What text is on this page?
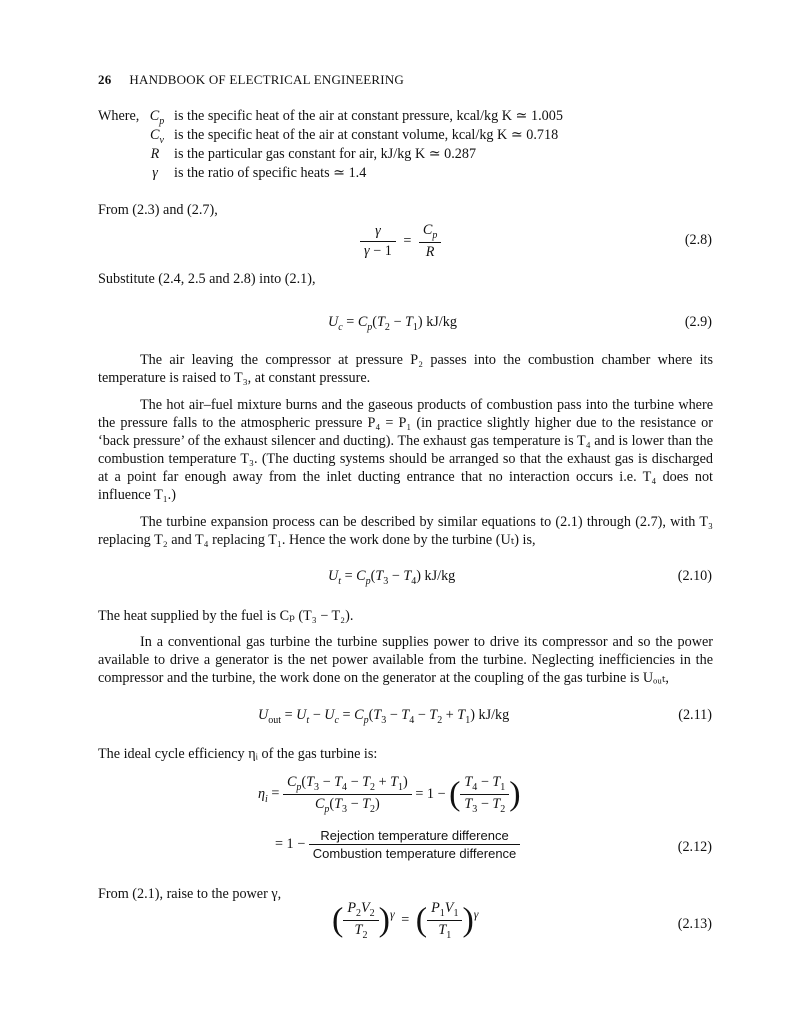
26 HANDBOOK OF ELECTRICAL ENGINEERING
Where, $C_p$ is the specific heat of the air at constant pressure, kcal/kg K ≃ 1.005
$C_v$ is the specific heat of the air at constant volume, kcal/kg K ≃ 0.718
R	is the particular gas constant for air, kJ/kg K ≃ 0.287
γ	is the ratio of specific heats ≃ 1.4
From (2.3) and (2.7),
$\frac{\gamma}{\gamma - 1} = \frac{C_p}{R}$	(2.8)
Substitute (2.4, 2.5 and 2.8) into (2.1),
$U_c = C_p(T_2 - T_1)$ kJ/kg	(2.9)
The air leaving the compressor at pressure P₂ passes into the combustion chamber where its temperature is raised to T₃, at constant pressure.
The hot air–fuel mixture burns and the gaseous products of combustion pass into the turbine where the pressure falls to the atmospheric pressure P₄ = P₁ (in practice slightly higher due to the resistance or ‘back pressure’ of the exhaust silencer and ducting). The exhaust gas temperature is T₄ and is lower than the combustion temperature T₃. (The ducting systems should be arranged so that the exhaust gas is discharged at a point far enough away from the inlet ducting entrance that no interaction occurs i.e. T₄ does not influence T₁.)
The turbine expansion process can be described by similar equations to (2.1) through (2.7), with T₃ replacing T₂ and T₄ replacing T₁. Hence the work done by the turbine (Uₜ) is,
$U_t = C_p(T_3 - T_4)$ kJ/kg	(2.10)
The heat supplied by the fuel is Cₚ (T₃ − T₂).
In a conventional gas turbine the turbine supplies power to drive its compressor and so the power available to drive a generator is the net power available from the turbine. Neglecting inefficiencies in the compressor and the turbine, the work done on the generator at the coupling of the gas turbine is Uₒᵤₜ,
$U_{out} = U_t - U_c = C_p(T_3 - T_4 - T_2 + T_1)$ kJ/kg	(2.11)
The ideal cycle efficiency ηᵢ of the gas turbine is:
$\eta_i = \frac{C_p(T_3 - T_4 - T_2 + T_1)}{C_p(T_3 - T_2)} = 1$ − ( $\frac{T_4 - T_1}{T_3 - T_2}$ )
= $1 - \frac{\text{Rejection temperature difference}}{\text{Combustion temperature difference}}$	(2.12)
From (2.1), raise to the power γ,
( $\frac{P_2V_2}{T_2} )^\gamma$ = ( $\frac{P_1V_1}{T_1} )^\gamma$
(2.13)
